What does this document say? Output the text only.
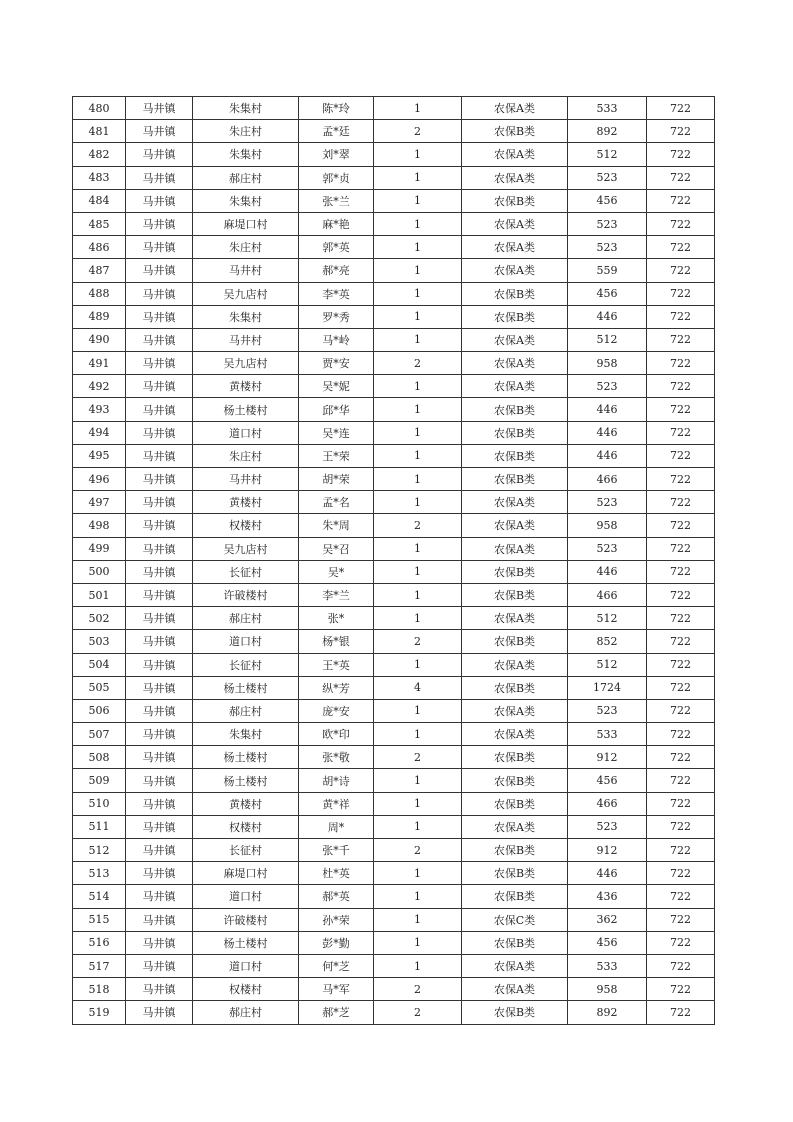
480	马井镇	朱集村	陈*玲	1	农保A类	533	722
481	马井镇	朱庄村	孟*廷	2	农保B类	892	722
482	马井镇	朱集村	刘*翠	1	农保A类	512	722
483	马井镇	郝庄村	郭*贞	1	农保A类	523	722
484	马井镇	朱集村	张*兰	1	农保B类	456	722
485	马井镇	麻堤口村	麻*艳	1	农保A类	523	722
486	马井镇	朱庄村	郭*英	1	农保A类	523	722
487	马井镇	马井村	郝*亮	1	农保A类	559	722
488	马井镇	吴九店村	李*英	1	农保B类	456	722
489	马井镇	朱集村	罗*秀	1	农保B类	446	722
490	马井镇	马井村	马*岭	1	农保A类	512	722
491	马井镇	吴九店村	贾*安	2	农保A类	958	722
492	马井镇	黄楼村	吴*妮	1	农保A类	523	722
493	马井镇	杨土楼村	邱*华	1	农保B类	446	722
494	马井镇	道口村	吴*连	1	农保B类	446	722
495	马井镇	朱庄村	王*荣	1	农保B类	446	722
496	马井镇	马井村	胡*荣	1	农保B类	466	722
497	马井镇	黄楼村	孟*名	1	农保A类	523	722
498	马井镇	权楼村	朱*周	2	农保A类	958	722
499	马井镇	吴九店村	吴*召	1	农保A类	523	722
500	马井镇	长征村	吴*	1	农保B类	446	722
501	马井镇	许破楼村	李*兰	1	农保B类	466	722
502	马井镇	郝庄村	张*	1	农保A类	512	722
503	马井镇	道口村	杨*银	2	农保B类	852	722
504	马井镇	长征村	王*英	1	农保A类	512	722
505	马井镇	杨土楼村	纵*芳	4	农保B类	1724	722
506	马井镇	郝庄村	庞*安	1	农保A类	523	722
507	马井镇	朱集村	欧*印	1	农保A类	533	722
508	马井镇	杨土楼村	张*敬	2	农保B类	912	722
509	马井镇	杨土楼村	胡*诗	1	农保B类	456	722
510	马井镇	黄楼村	黄*祥	1	农保B类	466	722
511	马井镇	权楼村	周*	1	农保A类	523	722
512	马井镇	长征村	张*千	2	农保B类	912	722
513	马井镇	麻堤口村	杜*英	1	农保B类	446	722
514	马井镇	道口村	郝*英	1	农保B类	436	722
515	马井镇	许破楼村	孙*荣	1	农保C类	362	722
516	马井镇	杨土楼村	彭*勤	1	农保B类	456	722
517	马井镇	道口村	何*芝	1	农保A类	533	722
518	马井镇	权楼村	马*军	2	农保A类	958	722
519	马井镇	郝庄村	郝*芝	2	农保B类	892	722
